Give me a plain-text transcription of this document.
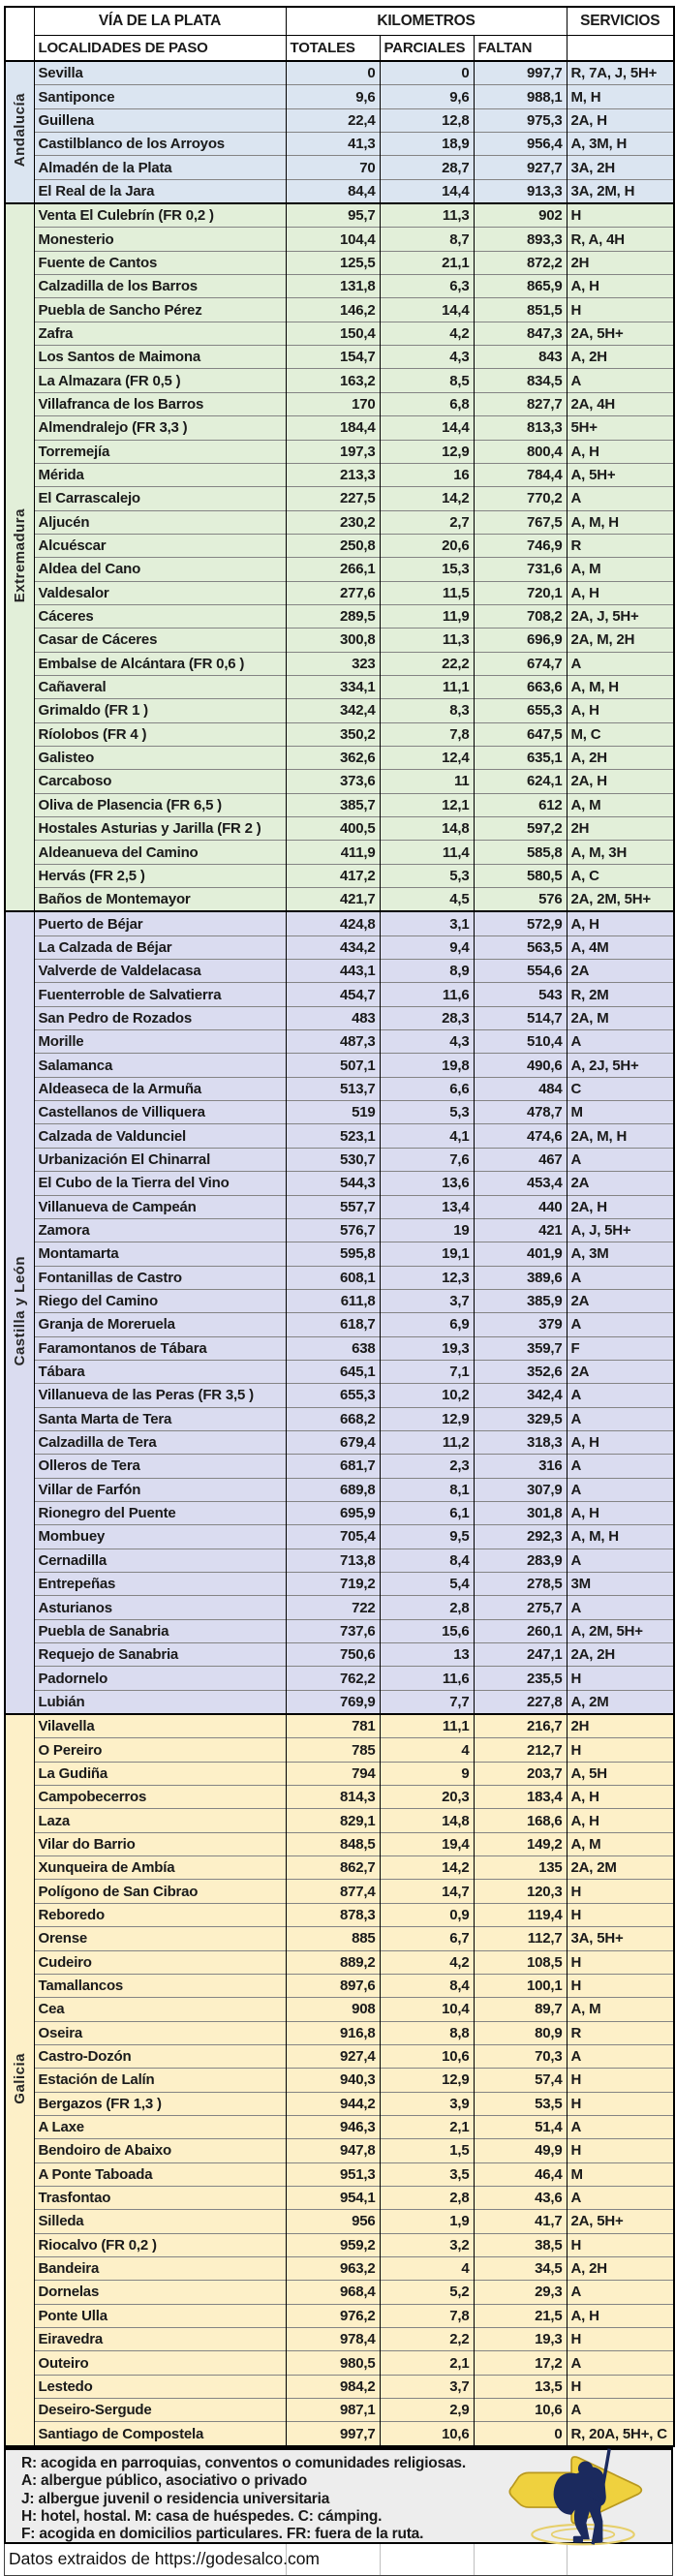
	VÍA DE LA PLATA	KILOMETROS			SERVICIOS
	LOCALIDADES DE PASO	TOTALES	PARCIALES	FALTAN	
Andalucía	Sevilla	0	0	997,7	R, 7A, J, 5H+
	Santiponce	9,6	9,6	988,1	M, H
	Guillena	22,4	12,8	975,3	2A, H
	Castilblanco de los Arroyos	41,3	18,9	956,4	A, 3M, H
	Almadén de la Plata	70	28,7	927,7	3A, 2H
	El Real de la Jara	84,4	14,4	913,3	3A, 2M, H
Extremadura	Venta El Culebrín (FR 0,2 )	95,7	11,3	902	H
	Monesterio	104,4	8,7	893,3	R, A, 4H
	Fuente de Cantos	125,5	21,1	872,2	2H
	Calzadilla de los Barros	131,8	6,3	865,9	A, H
	Puebla de Sancho Pérez	146,2	14,4	851,5	H
	Zafra	150,4	4,2	847,3	2A, 5H+
	Los Santos de Maimona	154,7	4,3	843	A, 2H
	La Almazara (FR 0,5 )	163,2	8,5	834,5	A
	Villafranca de los Barros	170	6,8	827,7	2A, 4H
	Almendralejo (FR 3,3 )	184,4	14,4	813,3	5H+
	Torremejía	197,3	12,9	800,4	A, H
	Mérida	213,3	16	784,4	A, 5H+
	El Carrascalejo	227,5	14,2	770,2	A
	Aljucén	230,2	2,7	767,5	A, M, H
	Alcuéscar	250,8	20,6	746,9	R
	Aldea del Cano	266,1	15,3	731,6	A, M
	Valdesalor	277,6	11,5	720,1	A, H
	Cáceres	289,5	11,9	708,2	2A, J, 5H+
	Casar de Cáceres	300,8	11,3	696,9	2A, M, 2H
	Embalse de Alcántara (FR 0,6 )	323	22,2	674,7	A
	Cañaveral	334,1	11,1	663,6	A, M, H
	Grimaldo (FR 1 )	342,4	8,3	655,3	A, H
	Ríolobos (FR 4 )	350,2	7,8	647,5	M, C
	Galisteo	362,6	12,4	635,1	A, 2H
	Carcaboso	373,6	11	624,1	2A, H
	Oliva de Plasencia (FR 6,5 )	385,7	12,1	612	A, M
	Hostales Asturias y Jarilla (FR 2 )	400,5	14,8	597,2	2H
	Aldeanueva del Camino	411,9	11,4	585,8	A, M, 3H
	Hervás (FR 2,5 )	417,2	5,3	580,5	A, C
	Baños de Montemayor	421,7	4,5	576	2A, 2M, 5H+
Castilla y León	Puerto de Béjar	424,8	3,1	572,9	A, H
	La Calzada de Béjar	434,2	9,4	563,5	A, 4M
	Valverde de Valdelacasa	443,1	8,9	554,6	2A
	Fuenterroble de Salvatierra	454,7	11,6	543	R, 2M
	San Pedro de Rozados	483	28,3	514,7	2A, M
	Morille	487,3	4,3	510,4	A
	Salamanca	507,1	19,8	490,6	A, 2J, 5H+
	Aldeaseca de la Armuña	513,7	6,6	484	C
	Castellanos de Villiquera	519	5,3	478,7	M
	Calzada de Valdunciel	523,1	4,1	474,6	2A, M, H
	Urbanización El Chinarral	530,7	7,6	467	A
	El Cubo de la Tierra del Vino	544,3	13,6	453,4	2A
	Villanueva de Campeán	557,7	13,4	440	2A, H
	Zamora	576,7	19	421	A, J, 5H+
	Montamarta	595,8	19,1	401,9	A, 3M
	Fontanillas de Castro	608,1	12,3	389,6	A
	Riego del Camino	611,8	3,7	385,9	2A
	Granja de Moreruela	618,7	6,9	379	A
	Faramontanos de Tábara	638	19,3	359,7	F
	Tábara	645,1	7,1	352,6	2A
	Villanueva de las Peras (FR 3,5 )	655,3	10,2	342,4	A
	Santa Marta de Tera	668,2	12,9	329,5	A
	Calzadilla de Tera	679,4	11,2	318,3	A, H
	Olleros de Tera	681,7	2,3	316	A
	Villar de Farfón	689,8	8,1	307,9	A
	Rionegro del Puente	695,9	6,1	301,8	A, H
	Mombuey	705,4	9,5	292,3	A, M, H
	Cernadilla	713,8	8,4	283,9	A
	Entrepeñas	719,2	5,4	278,5	3M
	Asturianos	722	2,8	275,7	A
	Puebla de Sanabria	737,6	15,6	260,1	A, 2M, 5H+
	Requejo de Sanabria	750,6	13	247,1	2A, 2H
	Padornelo	762,2	11,6	235,5	H
	Lubián	769,9	7,7	227,8	A, 2M
Galicia	Vilavella	781	11,1	216,7	2H
	O Pereiro	785	4	212,7	H
	La Gudiña	794	9	203,7	A, 5H
	Campobecerros	814,3	20,3	183,4	A, H
	Laza	829,1	14,8	168,6	A, H
	Vilar do Barrio	848,5	19,4	149,2	A, M
	Xunqueira de Ambía	862,7	14,2	135	2A, 2M
	Polígono de San Cibrao	877,4	14,7	120,3	H
	Reboredo	878,3	0,9	119,4	H
	Orense	885	6,7	112,7	3A, 5H+
	Cudeiro	889,2	4,2	108,5	H
	Tamallancos	897,6	8,4	100,1	H
	Cea	908	10,4	89,7	A, M
	Oseira	916,8	8,8	80,9	R
	Castro-Dozón	927,4	10,6	70,3	A
	Estación de Lalín	940,3	12,9	57,4	H
	Bergazos (FR 1,3 )	944,2	3,9	53,5	H
	A Laxe	946,3	2,1	51,4	A
	Bendoiro de Abaixo	947,8	1,5	49,9	H
	A Ponte Taboada	951,3	3,5	46,4	M
	Trasfontao	954,1	2,8	43,6	A
	Silleda	956	1,9	41,7	2A, 5H+
	Riocalvo (FR 0,2 )	959,2	3,2	38,5	H
	Bandeira	963,2	4	34,5	A, 2H
	Dornelas	968,4	5,2	29,3	A
	Ponte Ulla	976,2	7,8	21,5	A, H
	Eiravedra	978,4	2,2	19,3	H
	Outeiro	980,5	2,1	17,2	A
	Lestedo	984,2	3,7	13,5	H
	Deseiro-Sergude	987,1	2,9	10,6	A
	Santiago de Compostela	997,7	10,6	0	R, 20A, 5H+, C
R: acogida en parroquias, conventos o comunidades religiosas.
A: albergue público, asociativo o privado
J: albergue juvenil o residencia universitaria
H: hotel, hostal. M: casa de huéspedes. C: cámping.
F: acogida en domicilios particulares. FR: fuera de la ruta.
Datos extraidos de https://godesalco.com
